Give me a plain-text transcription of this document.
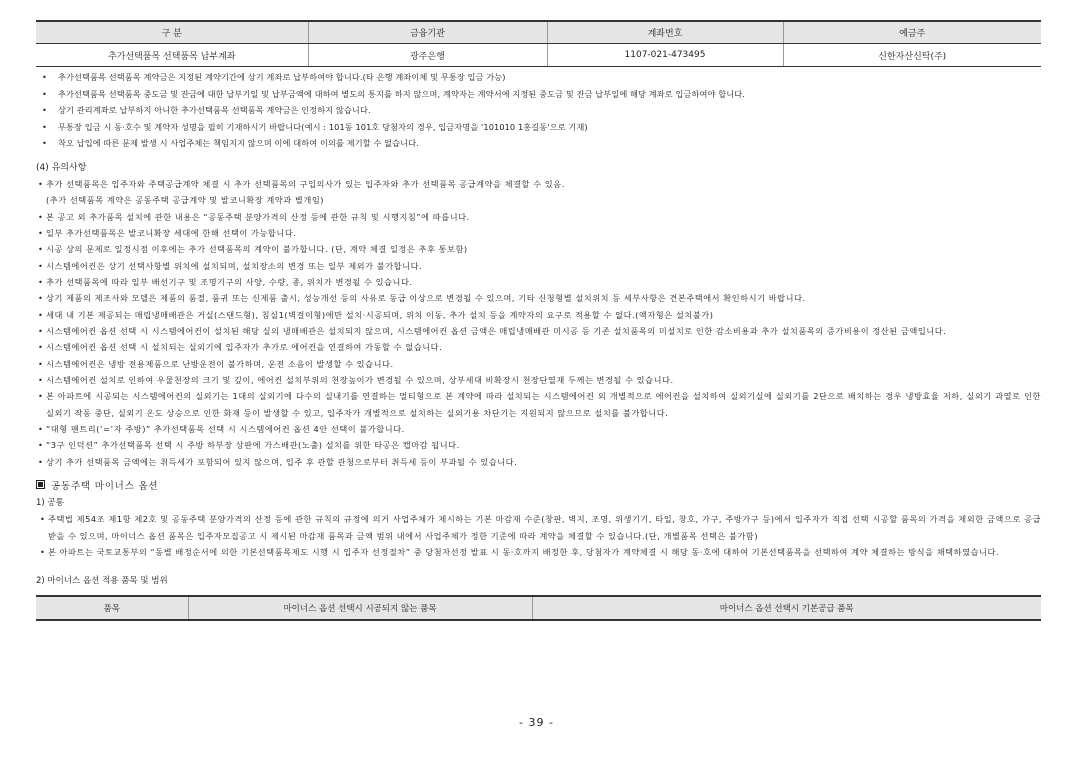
구 분	금융기관	계좌번호	예금주
추가선택품목 선택품목 납부계좌	광주은행	1107-021-473495	신한자산신탁(주)
• 추가선택품목 선택품목 계약금은 지정된 계약기간에 상기 계좌로 납부하여야 합니다.(타 은행 계좌이체 및 무통장 입금 가능)
• 추가선택품목 선택품목 중도금 및 잔금에 대한 납부기일 및 납부금액에 대하여 별도의 통지를 하지 않으며, 계약자는 계약서에 지정된 중도금 및 잔금 납부일에 해당 계좌로 입금하여야 합니다.
• 상기 관리계좌로 납부하지 아니한 추가선택품목 선택품목 계약금은 인정하지 않습니다.
• 무통장 입금 시 동·호수 및 계약자 성명을 필히 기재하시기 바랍니다(예시 : 101동 101호 당첨자의 경우, 입금자명을 '101010 1홍길동'으로 기재)
• 착오 납입에 따른 문제 발생 시 사업주체는 책임지지 않으며 이에 대하여 이의를 제기할 수 없습니다.
(4) 유의사항
• 추가 선택품목은 입주자와 주택공급계약 체결 시 추가 선택품목의 구입의사가 있는 입주자와 추가 선택품목 공급계약을 체결할 수 있음.
(추가 선택품목 계약은 공동주택 공급계약 및 발코니확장 계약과 별개임)
• 본 공고 외 추가품목 설치에 관한 내용은 “공동주택 분양가격의 산정 등에 관한 규칙 및 시행지침”에 따릅니다.
• 일부 추가선택품목은 발코니확장 세대에 한해 선택이 가능합니다.
• 시공 상의 문제로 일정시점 이후에는 추가 선택품목의 계약이 불가합니다. (단, 계약 체결 일정은 추후 통보함)
• 시스템에어컨은 상기 선택사항별 위치에 설치되며, 설치장소의 변경 또는 일부 제외가 불가합니다.
• 추가 선택품목에 따라 일부 배선기구 및 조명기구의 사양, 수량, 종, 위치가 변경될 수 있습니다.
• 상기 제품의 제조사와 모델은 제품의 품절, 품귀 또는 신제품 출시, 성능개선 등의 사유로 동급 이상으로 변경될 수 있으며, 기타 신청형별 설치위치 등 세부사항은 견본주택에서 확인하시기 바랍니다.
• 세대 내 기본 제공되는 매립냉매배관은 거실(스탠드형), 침실1(벽걸이형)에만 설치·시공되며, 위치 이동, 추가 설치 등을 계약자의 요구로 적용할 수 없다.(액자형은 설치불가)
• 시스템에어컨 옵션 선택 시 시스템에어컨이 설치된 해당 실의 냉매배관은 설치되지 않으며, 시스템에어컨 옵션 금액은 매립냉매배관 미시공 등 기존 설치품목의 미설치로 인한 감소비용과 추가 설치품목의 증가비용이 정산된 금액입니다.
• 시스템에어컨 옵션 선택 시 설치되는 실외기에 입주자가 추가로 에어컨을 연결하여 가동할 수 없습니다.
• 시스템에어컨은 냉방 전용제품으로 난방운전이 불가하며, 운전 소음이 발생할 수 있습니다.
• 시스템에어컨 설치로 인하여 우물천장의 크기 및 깊이, 에어컨 설치부위의 천장높이가 변경될 수 있으며, 상부세대 비확장시 천장단열재 두께는 변경될 수 있습니다.
• 본 아파트에 시공되는 시스템에어컨의 실외기는 1대의 실외기에 다수의 실내기를 연결하는 멀티형으로 본 계약에 따라 설치되는 시스템에어컨 외 개별적으로 에어컨을 설치하여 실외기실에 실외기를 2단으로 배치하는 경우 냉방효율 저하, 실외기 과열로 인한 실외기 작동 중단, 실외기 온도 상승으로 인한 화재 등이 발생할 수 있고, 입주자가 개별적으로 설치하는 실외기용 차단기는 지원되지 않으므로 설치를 불가합니다.
• “대형 팬트리(‘=’자 주방)” 추가선택품목 선택 시 시스템에어컨 옵션 4안 선택이 불가합니다.
• “3구 인덕션” 추가선택품목 선택 시 주방 하부장 상판에 가스배관(노출) 설치를 위한 타공은 캡마감 됩니다.
• 상기 추가 선택품목 금액에는 취득세가 포함되어 있지 않으며, 입주 후 관할 관청으로부터 취득세 등이 부과될 수 있습니다.
공동주택 마이너스 옵션
1) 공통
• 주택법 제54조 제1항 제2호 및 공동주택 분양가격의 산정 등에 관한 규칙의 규정에 의거 사업주체가 제시하는 기본 마감재 수준(창판, 벽지, 조명, 위생기기, 타일, 창호, 가구, 주방가구 등)에서 입주자가 직접 선택 시공할 품목의 가격을 제외한 금액으로 공급받을 수 있으며, 마이너스 옵션 품목은 입주자모집공고 시 제시된 마감재 품목과 금액 범위 내에서 사업주체가 정한 기준에 따라 계약을 체결할 수 있습니다.(단, 개별품목 선택은 불가함)
• 본 아파트는 국토교통부의 “동별 배정순서에 의한 기본선택품목제도 시행 시 입주자 선정절차” 중 당첨자선정 발표 시 동·호까지 배정한 후, 당첨자가 계약체결 시 해당 동·호에 대하여 기본선택품목을 선택하여 계약 체결하는 방식을 채택하였습니다.
2) 마이너스 옵션 적용 품목 및 범위
품목	마이너스 옵션 선택시 시공되지 않는 품목	마이너스 옵션 선택시 기본공급 품목
- 39 -
